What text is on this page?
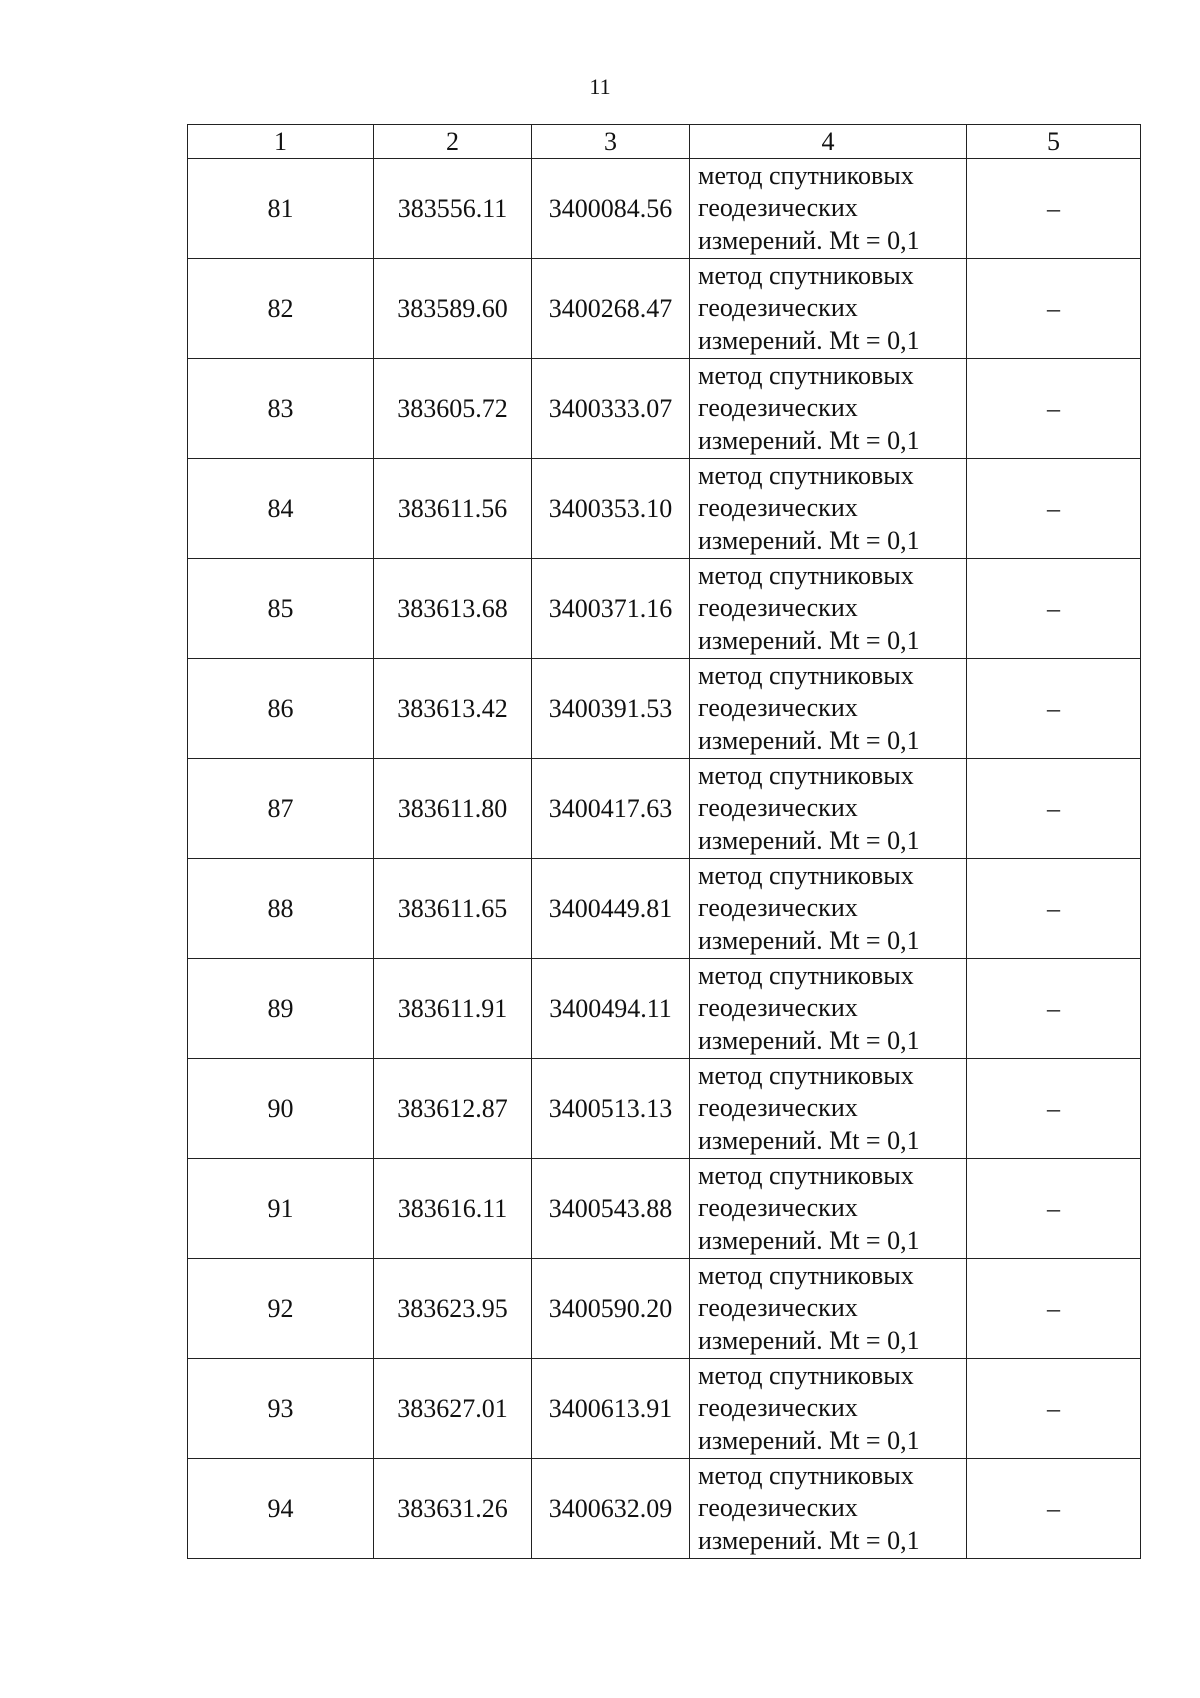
11
1	2	3	4	5
81	383556.11	3400084.56	метод спутниковых
геодезических
измерений. Mt = 0,1	–
82	383589.60	3400268.47	метод спутниковых
геодезических
измерений. Mt = 0,1	–
83	383605.72	3400333.07	метод спутниковых
геодезических
измерений. Mt = 0,1	–
84	383611.56	3400353.10	метод спутниковых
геодезических
измерений. Mt = 0,1	–
85	383613.68	3400371.16	метод спутниковых
геодезических
измерений. Mt = 0,1	–
86	383613.42	3400391.53	метод спутниковых
геодезических
измерений. Mt = 0,1	–
87	383611.80	3400417.63	метод спутниковых
геодезических
измерений. Mt = 0,1	–
88	383611.65	3400449.81	метод спутниковых
геодезических
измерений. Mt = 0,1	–
89	383611.91	3400494.11	метод спутниковых
геодезических
измерений. Mt = 0,1	–
90	383612.87	3400513.13	метод спутниковых
геодезических
измерений. Mt = 0,1	–
91	383616.11	3400543.88	метод спутниковых
геодезических
измерений. Mt = 0,1	–
92	383623.95	3400590.20	метод спутниковых
геодезических
измерений. Mt = 0,1	–
93	383627.01	3400613.91	метод спутниковых
геодезических
измерений. Mt = 0,1	–
94	383631.26	3400632.09	метод спутниковых
геодезических
измерений. Mt = 0,1	–
